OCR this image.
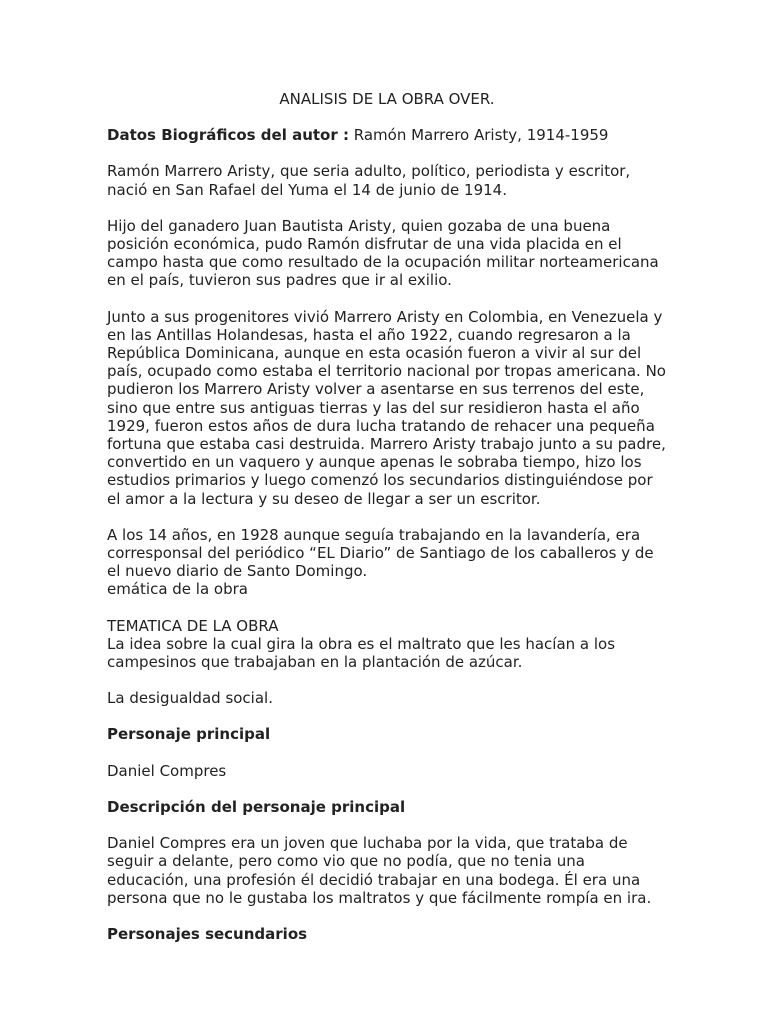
ANALISIS DE LA OBRA OVER.

Datos Biográficos del autor : Ramón Marrero Aristy, 1914-1959

Ramón Marrero Aristy, que seria adulto, político, periodista y escritor, nació en San Rafael del Yuma el 14 de junio de 1914.

Hijo del ganadero Juan Bautista Aristy, quien gozaba de una buena posición económica, pudo Ramón disfrutar de una vida placida en el campo hasta que como resultado de la ocupación militar norteamericana en el país, tuvieron sus padres que ir al exilio.

Junto a sus progenitores vivió Marrero Aristy en Colombia, en Venezuela y en las Antillas Holandesas, hasta el año 1922, cuando regresaron a la República Dominicana, aunque en esta ocasión fueron a vivir al sur del país, ocupado como estaba el territorio nacional por tropas americana. No pudieron los Marrero Aristy volver a asentarse en sus terrenos del este, sino que entre sus antiguas tierras y las del sur residieron hasta el año 1929, fueron estos años de dura lucha tratando de rehacer una pequeña fortuna que estaba casi destruida. Marrero Aristy trabajo junto a su padre, convertido en un vaquero y aunque apenas le sobraba tiempo, hizo los estudios primarios y luego comenzó los secundarios distinguiéndose por el amor a la lectura y su deseo de llegar a ser un escritor.

A los 14 años, en 1928 aunque seguía trabajando en la lavandería, era corresponsal del periódico “EL Diario” de Santiago de los caballeros y de el nuevo diario de Santo Domingo.

emática de la obra

TEMATICA DE LA OBRA
La idea sobre la cual gira la obra es el maltrato que les hacían a los campesinos que trabajaban en la plantación de azúcar.

La desigualdad social.

Personaje principal

Daniel Compres

Descripción del personaje principal

Daniel Compres era un joven que luchaba por la vida, que trataba de seguir a delante, pero como vio que no podía, que no tenia una educación, una profesión él decidió trabajar en una bodega. Él era una persona que no le gustaba los maltratos y que fácilmente rompía en ira.

Personajes secundarios
